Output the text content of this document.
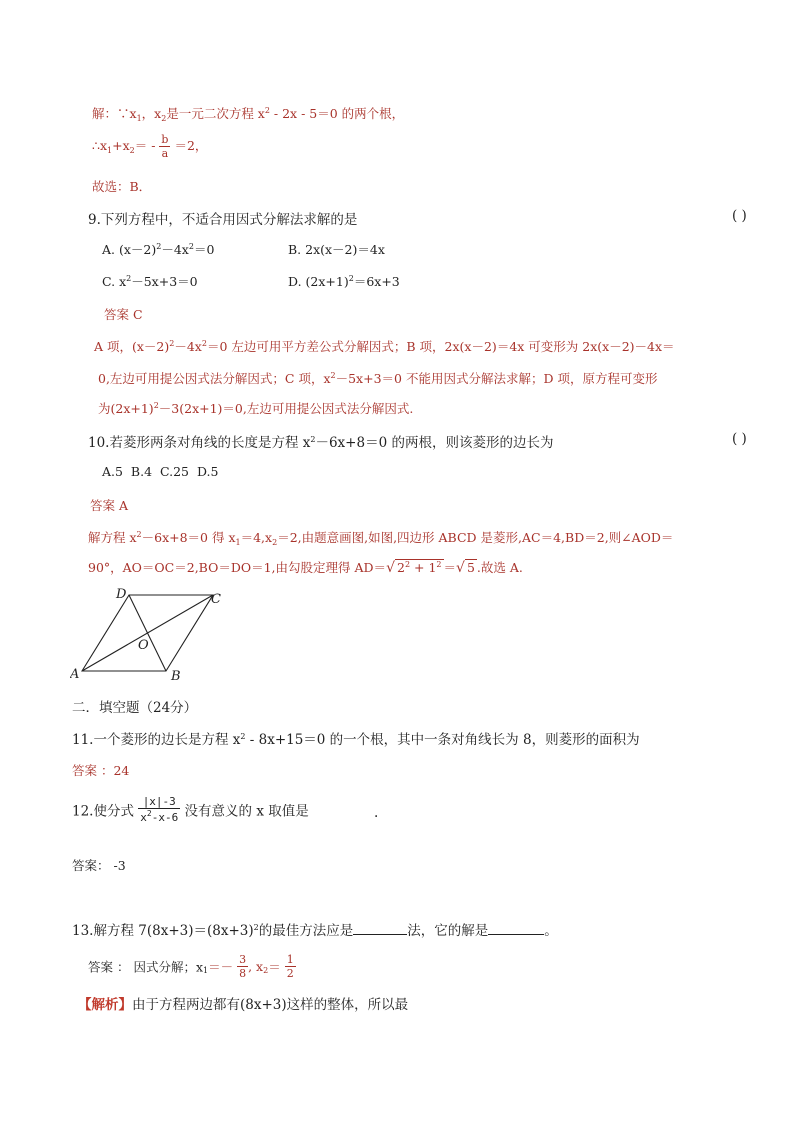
解：$\because x_1$，$x_2$是一元二次方程 $x^2 - 2x - 5=0$ 的两个根，
$\therefore x_1+x_2= - \frac{b}{a} =2$，
故选：B．
9.下列方程中，不适合用因式分解法求解的是	( )
A. $(x-2)^2-4x^2=0$	B. 2x(x－2)＝4x
C. $x^2-5x+3=0$	D. $(2x+1)^2=6x+3$
答案 C
A 项，$(x-2)^2-4x^2=0$ 左边可用平方差公式分解因式；B 项，2x(x－2)＝4x 可变形为 2x(x－2)－4x＝
0,左边可用提公因式法分解因式；C 项，$x^2-5x+3=0$ 不能用因式分解法求解；D 项，原方程可变形
为$(2x+1)^2-3(2x+1)=0$,左边可用提公因式法分解因式.
10.若菱形两条对角线的长度是方程 $x^2-6x+8=0$ 的两根，则该菱形的边长为	( )
A.5 B.4 C.25 D.5
答案 A
解方程 $x^2-6x+8=0$ 得 $x_1=4,x_2=2$,由题意画图,如图,四边形 ABCD 是菱形,AC＝4,BD＝2,则∠AOD＝
90°，AO＝OC＝2,BO＝DO＝1,由勾股定理得 AD＝√ $2^2 + 1^2$ ＝√ 5 .故选 A.
A	B
C
D
O
二．填空题（24分）
11.一个菱形的边长是方程 $x^2 - 8x+15=0$ 的一个根，其中一条对角线长为 8，则菱形的面积为
答案 ：24
12.使分式 $\frac{|x|-3}{x^2-x-6}$ 没有意义的 x 取值是	.
答案： -3
13.解方程 $7(8x+3)=(8x+3)^2$的最佳方法应是	法，它的解是	。
答案 ： 因式分解；$x_1=- \frac{3}{8}$ , $x_2= \frac{1}{2}$
【解析】由于方程两边都有(8x+3)这样的整体，所以最
